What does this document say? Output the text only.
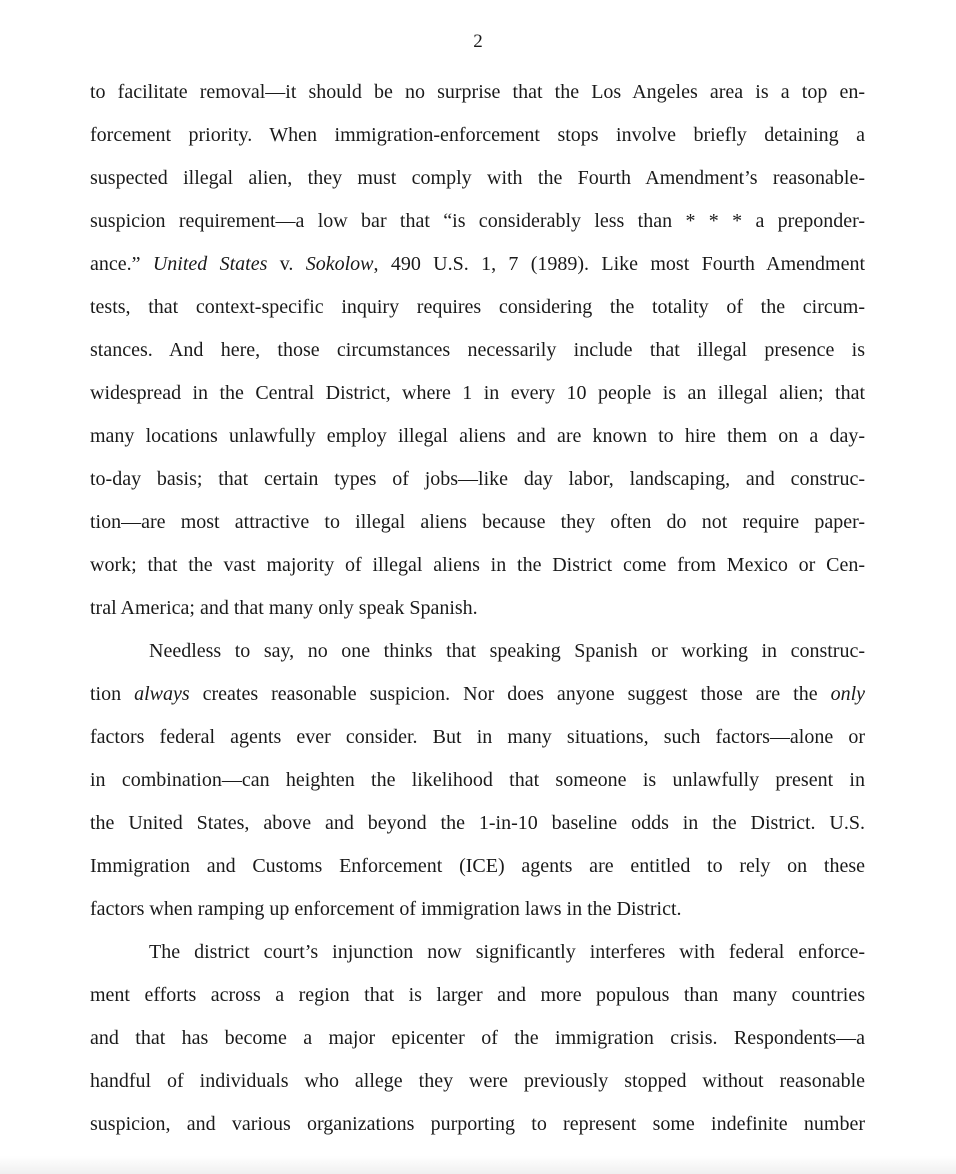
2
to facilitate removal—it should be no surprise that the Los Angeles area is a top en-
forcement priority. When immigration-enforcement stops involve briefly detaining a
suspected illegal alien, they must comply with the Fourth Amendment’s reasonable-
suspicion requirement—a low bar that “is considerably less than * * * a preponder-
ance.” United States v. Sokolow, 490 U.S. 1, 7 (1989). Like most Fourth Amendment
tests, that context-specific inquiry requires considering the totality of the circum-
stances. And here, those circumstances necessarily include that illegal presence is
widespread in the Central District, where 1 in every 10 people is an illegal alien; that
many locations unlawfully employ illegal aliens and are known to hire them on a day-
to-day basis; that certain types of jobs—like day labor, landscaping, and construc-
tion—are most attractive to illegal aliens because they often do not require paper-
work; that the vast majority of illegal aliens in the District come from Mexico or Cen-
tral America; and that many only speak Spanish.
Needless to say, no one thinks that speaking Spanish or working in construc-
tion always creates reasonable suspicion. Nor does anyone suggest those are the only
factors federal agents ever consider. But in many situations, such factors—alone or
in combination—can heighten the likelihood that someone is unlawfully present in
the United States, above and beyond the 1-in-10 baseline odds in the District. U.S.
Immigration and Customs Enforcement (ICE) agents are entitled to rely on these
factors when ramping up enforcement of immigration laws in the District.
The district court’s injunction now significantly interferes with federal enforce-
ment efforts across a region that is larger and more populous than many countries
and that has become a major epicenter of the immigration crisis. Respondents—a
handful of individuals who allege they were previously stopped without reasonable
suspicion, and various organizations purporting to represent some indefinite number
